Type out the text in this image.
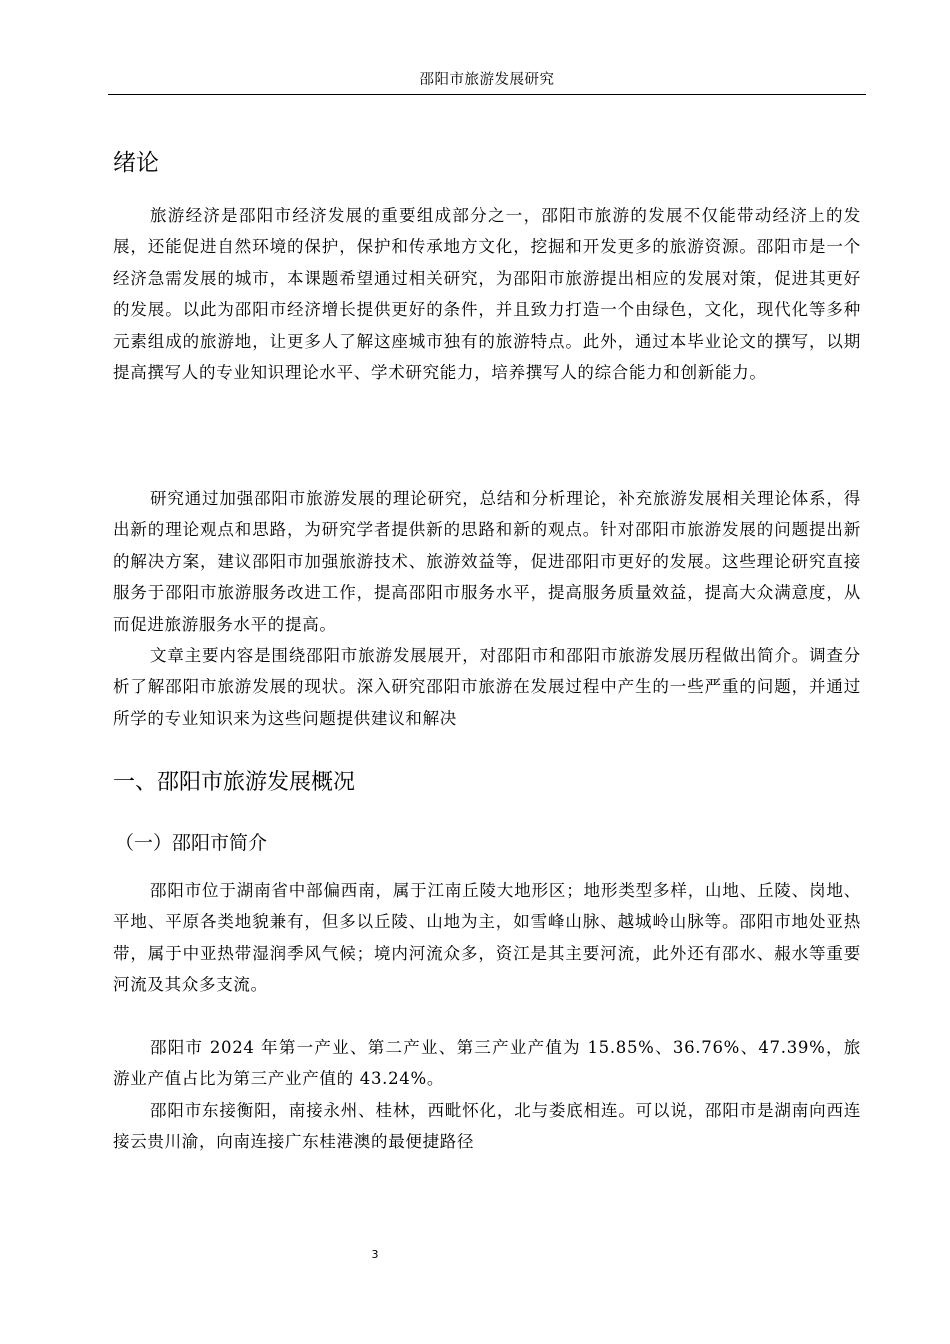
邵阳市旅游发展研究
绪论

旅游经济是邵阳市经济发展的重要组成部分之一，邵阳市旅游的发展不仅能带动经济上的发展，还能促进自然环境的保护，保护和传承地方文化，挖掘和开发更多的旅游资源。邵阳市是一个经济急需发展的城市，本课题希望通过相关研究，为邵阳市旅游提出相应的发展对策，促进其更好的发展。以此为邵阳市经济增长提供更好的条件，并且致力打造一个由绿色，文化，现代化等多种元素组成的旅游地，让更多人了解这座城市独有的旅游特点。此外，通过本毕业论文的撰写，以期提高撰写人的专业知识理论水平、学术研究能力，培养撰写人的综合能力和创新能力。

研究通过加强邵阳市旅游发展的理论研究，总结和分析理论，补充旅游发展相关理论体系，得出新的理论观点和思路，为研究学者提供新的思路和新的观点。针对邵阳市旅游发展的问题提出新的解决方案，建议邵阳市加强旅游技术、旅游效益等，促进邵阳市更好的发展。这些理论研究直接服务于邵阳市旅游服务改进工作，提高邵阳市服务水平，提高服务质量效益，提高大众满意度，从而促进旅游服务水平的提高。

文章主要内容是围绕邵阳市旅游发展展开，对邵阳市和邵阳市旅游发展历程做出简介。调查分析了解邵阳市旅游发展的现状。深入研究邵阳市旅游在发展过程中产生的一些严重的问题，并通过所学的专业知识来为这些问题提供建议和解决

一、邵阳市旅游发展概况
（一）邵阳市简介

邵阳市位于湖南省中部偏西南，属于江南丘陵大地形区；地形类型多样，山地、丘陵、岗地、平地、平原各类地貌兼有，但多以丘陵、山地为主，如雪峰山脉、越城岭山脉等。邵阳市地处亚热带，属于中亚热带湿润季风气候；境内河流众多，资江是其主要河流，此外还有邵水、赧水等重要河流及其众多支流。

邵阳市 2024 年第一产业、第二产业、第三产业产值为 15.85%、36.76%、47.39%，旅游业产值占比为第三产业产值的 43.24%。

邵阳市东接衡阳，南接永州、桂林，西毗怀化，北与娄底相连。可以说，邵阳市是湖南向西连接云贵川渝，向南连接广东桂港澳的最便捷路径

3
